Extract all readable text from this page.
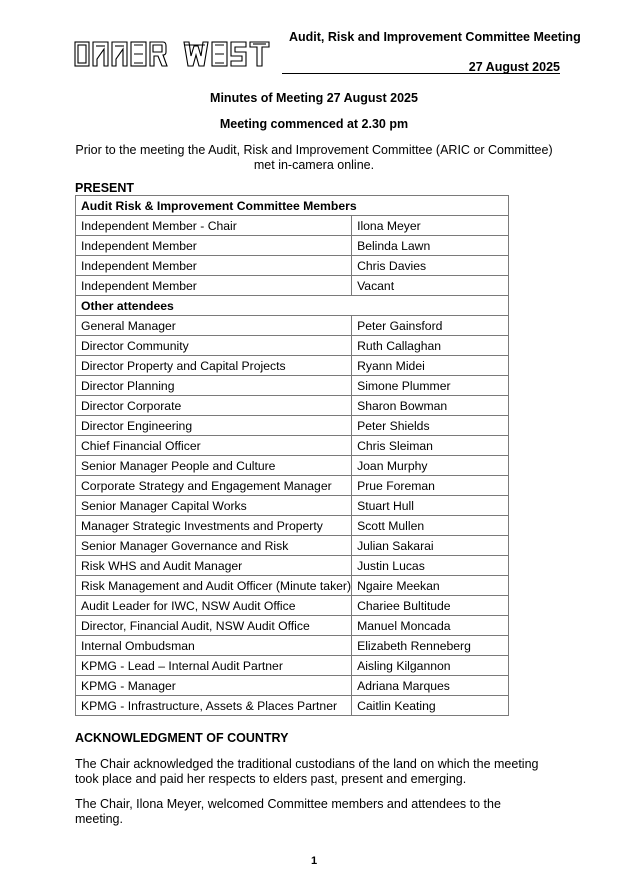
Audit, Risk and Improvement Committee Meeting
27 August 2025
Minutes of Meeting 27 August 2025
Meeting commenced at 2.30 pm
Prior to the meeting the Audit, Risk and Improvement Committee (ARIC or Committee) met in-camera online.
PRESENT
Audit Risk & Improvement Committee Members	
Independent Member - Chair	Ilona Meyer
Independent Member	Belinda Lawn
Independent Member	Chris Davies
Independent Member	Vacant
Other attendees	
General Manager	Peter Gainsford
Director Community	Ruth Callaghan
Director Property and Capital Projects	Ryann Midei
Director Planning	Simone Plummer
Director Corporate	Sharon Bowman
Director Engineering	Peter Shields
Chief Financial Officer	Chris Sleiman
Senior Manager People and Culture	Joan Murphy
Corporate Strategy and Engagement Manager	Prue Foreman
Senior Manager Capital Works	Stuart Hull
Manager Strategic Investments and Property	Scott Mullen
Senior Manager Governance and Risk	Julian Sakarai
Risk WHS and Audit Manager	Justin Lucas
Risk Management and Audit Officer (Minute taker)	Ngaire Meekan
Audit Leader for IWC, NSW Audit Office	Chariee Bultitude
Director, Financial Audit, NSW Audit Office	Manuel Moncada
Internal Ombudsman	Elizabeth Renneberg
KPMG - Lead – Internal Audit Partner	Aisling Kilgannon
KPMG - Manager	Adriana Marques
KPMG - Infrastructure, Assets & Places Partner	Caitlin Keating
ACKNOWLEDGMENT OF COUNTRY
The Chair acknowledged the traditional custodians of the land on which the meeting took place and paid her respects to elders past, present and emerging.
The Chair, Ilona Meyer, welcomed Committee members and attendees to the meeting.
1
